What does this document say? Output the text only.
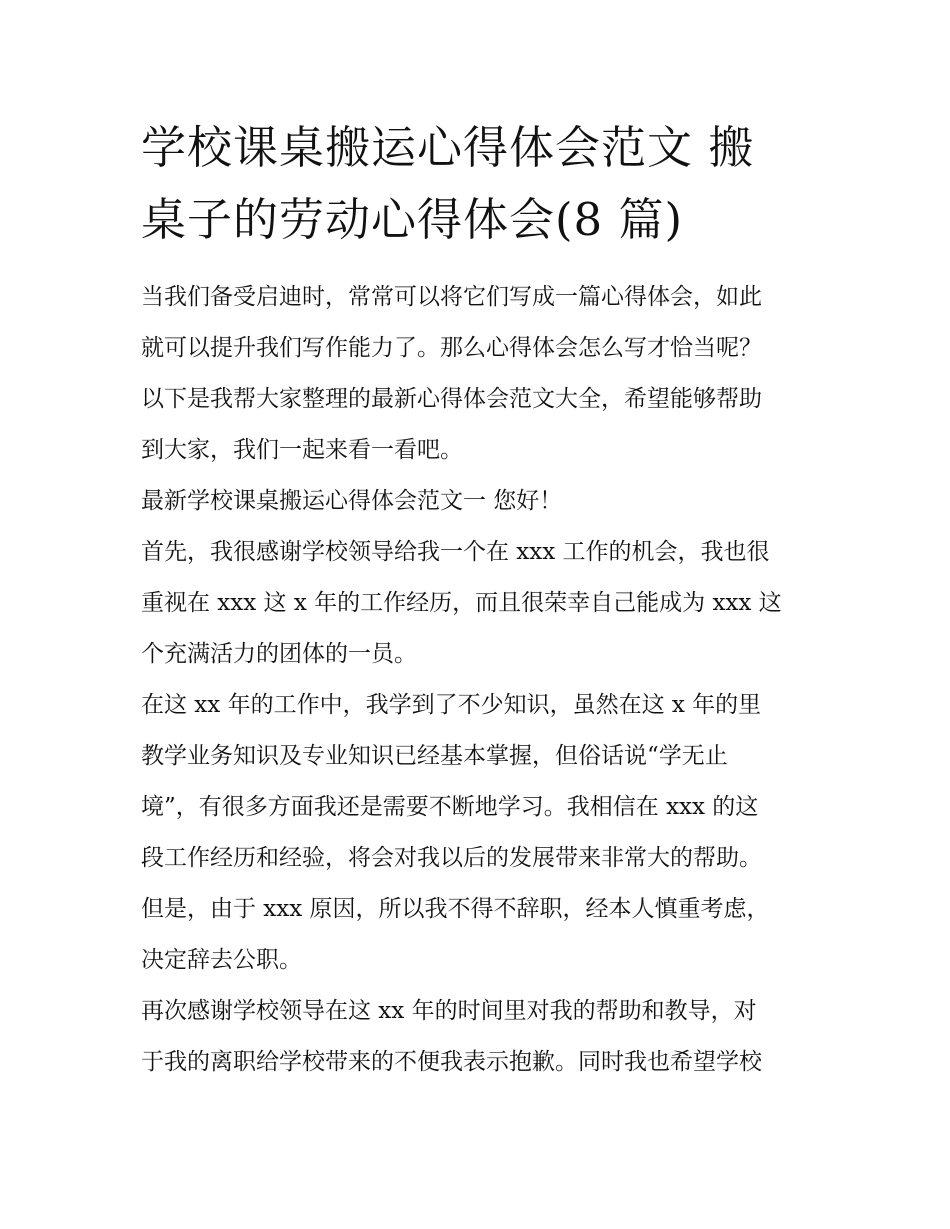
学校课桌搬运心得体会范文 搬
桌子的劳动心得体会(8 篇)
当我们备受启迪时，常常可以将它们写成一篇心得体会，如此
就可以提升我们写作能力了。那么心得体会怎么写才恰当呢？
以下是我帮大家整理的最新心得体会范文大全，希望能够帮助
到大家，我们一起来看一看吧。
最新学校课桌搬运心得体会范文一 您好！
首先，我很感谢学校领导给我一个在 xxx 工作的机会，我也很
重视在 xxx 这 x 年的工作经历，而且很荣幸自己能成为 xxx 这
个充满活力的团体的一员。
在这 xx 年的工作中，我学到了不少知识，虽然在这 x 年的里
教学业务知识及专业知识已经基本掌握，但俗话说“学无止
境”，有很多方面我还是需要不断地学习。我相信在 xxx 的这
段工作经历和经验，将会对我以后的发展带来非常大的帮助。
但是，由于 xxx 原因，所以我不得不辞职，经本人慎重考虑，
决定辞去公职。
再次感谢学校领导在这 xx 年的时间里对我的帮助和教导，对
于我的离职给学校带来的不便我表示抱歉。同时我也希望学校
